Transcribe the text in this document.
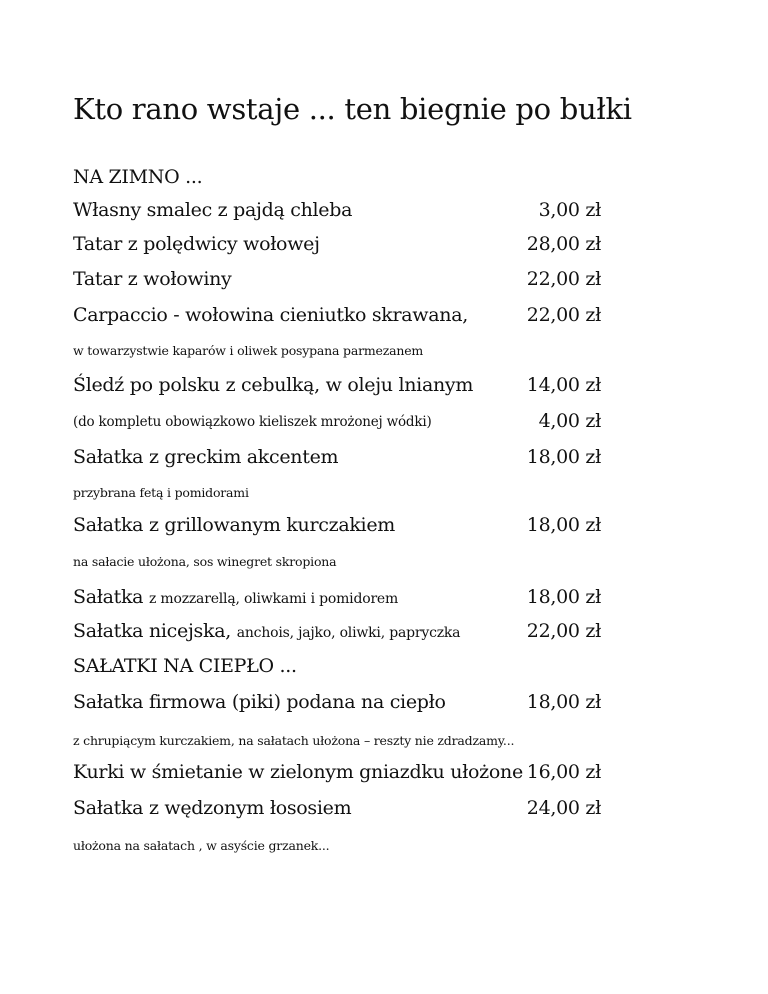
Kto rano wstaje ... ten biegnie po bułki
NA ZIMNO ...
Własny smalec z pajdą chleba	3,00 zł
Tatar z polędwicy wołowej	28,00 zł
Tatar z wołowiny	22,00 zł
Carpaccio - wołowina cieniutko skrawana,	22,00 zł
w towarzystwie kaparów i oliwek posypana parmezanem
Śledź po polsku z cebulką, w oleju lnianym	14,00 zł
(do kompletu obowiązkowo kieliszek mrożonej wódki)	4,00 zł
Sałatka z greckim akcentem	18,00 zł
przybrana fetą i pomidorami
Sałatka z grillowanym kurczakiem	18,00 zł
na sałacie ułożona, sos winegret skropiona
Sałatka z mozzarellą, oliwkami i pomidorem	18,00 zł
Sałatka nicejska, anchois, jajko, oliwki, papryczka	22,00 zł
SAŁATKI NA CIEPŁO ...
Sałatka firmowa (piki) podana na ciepło	18,00 zł
z chrupiącym kurczakiem, na sałatach ułożona – reszty nie zdradzamy...
Kurki w śmietanie w zielonym gniazdku ułożone 16,00 zł
Sałatka z wędzonym łososiem	24,00 zł
ułożona na sałatach , w asyście grzanek...
